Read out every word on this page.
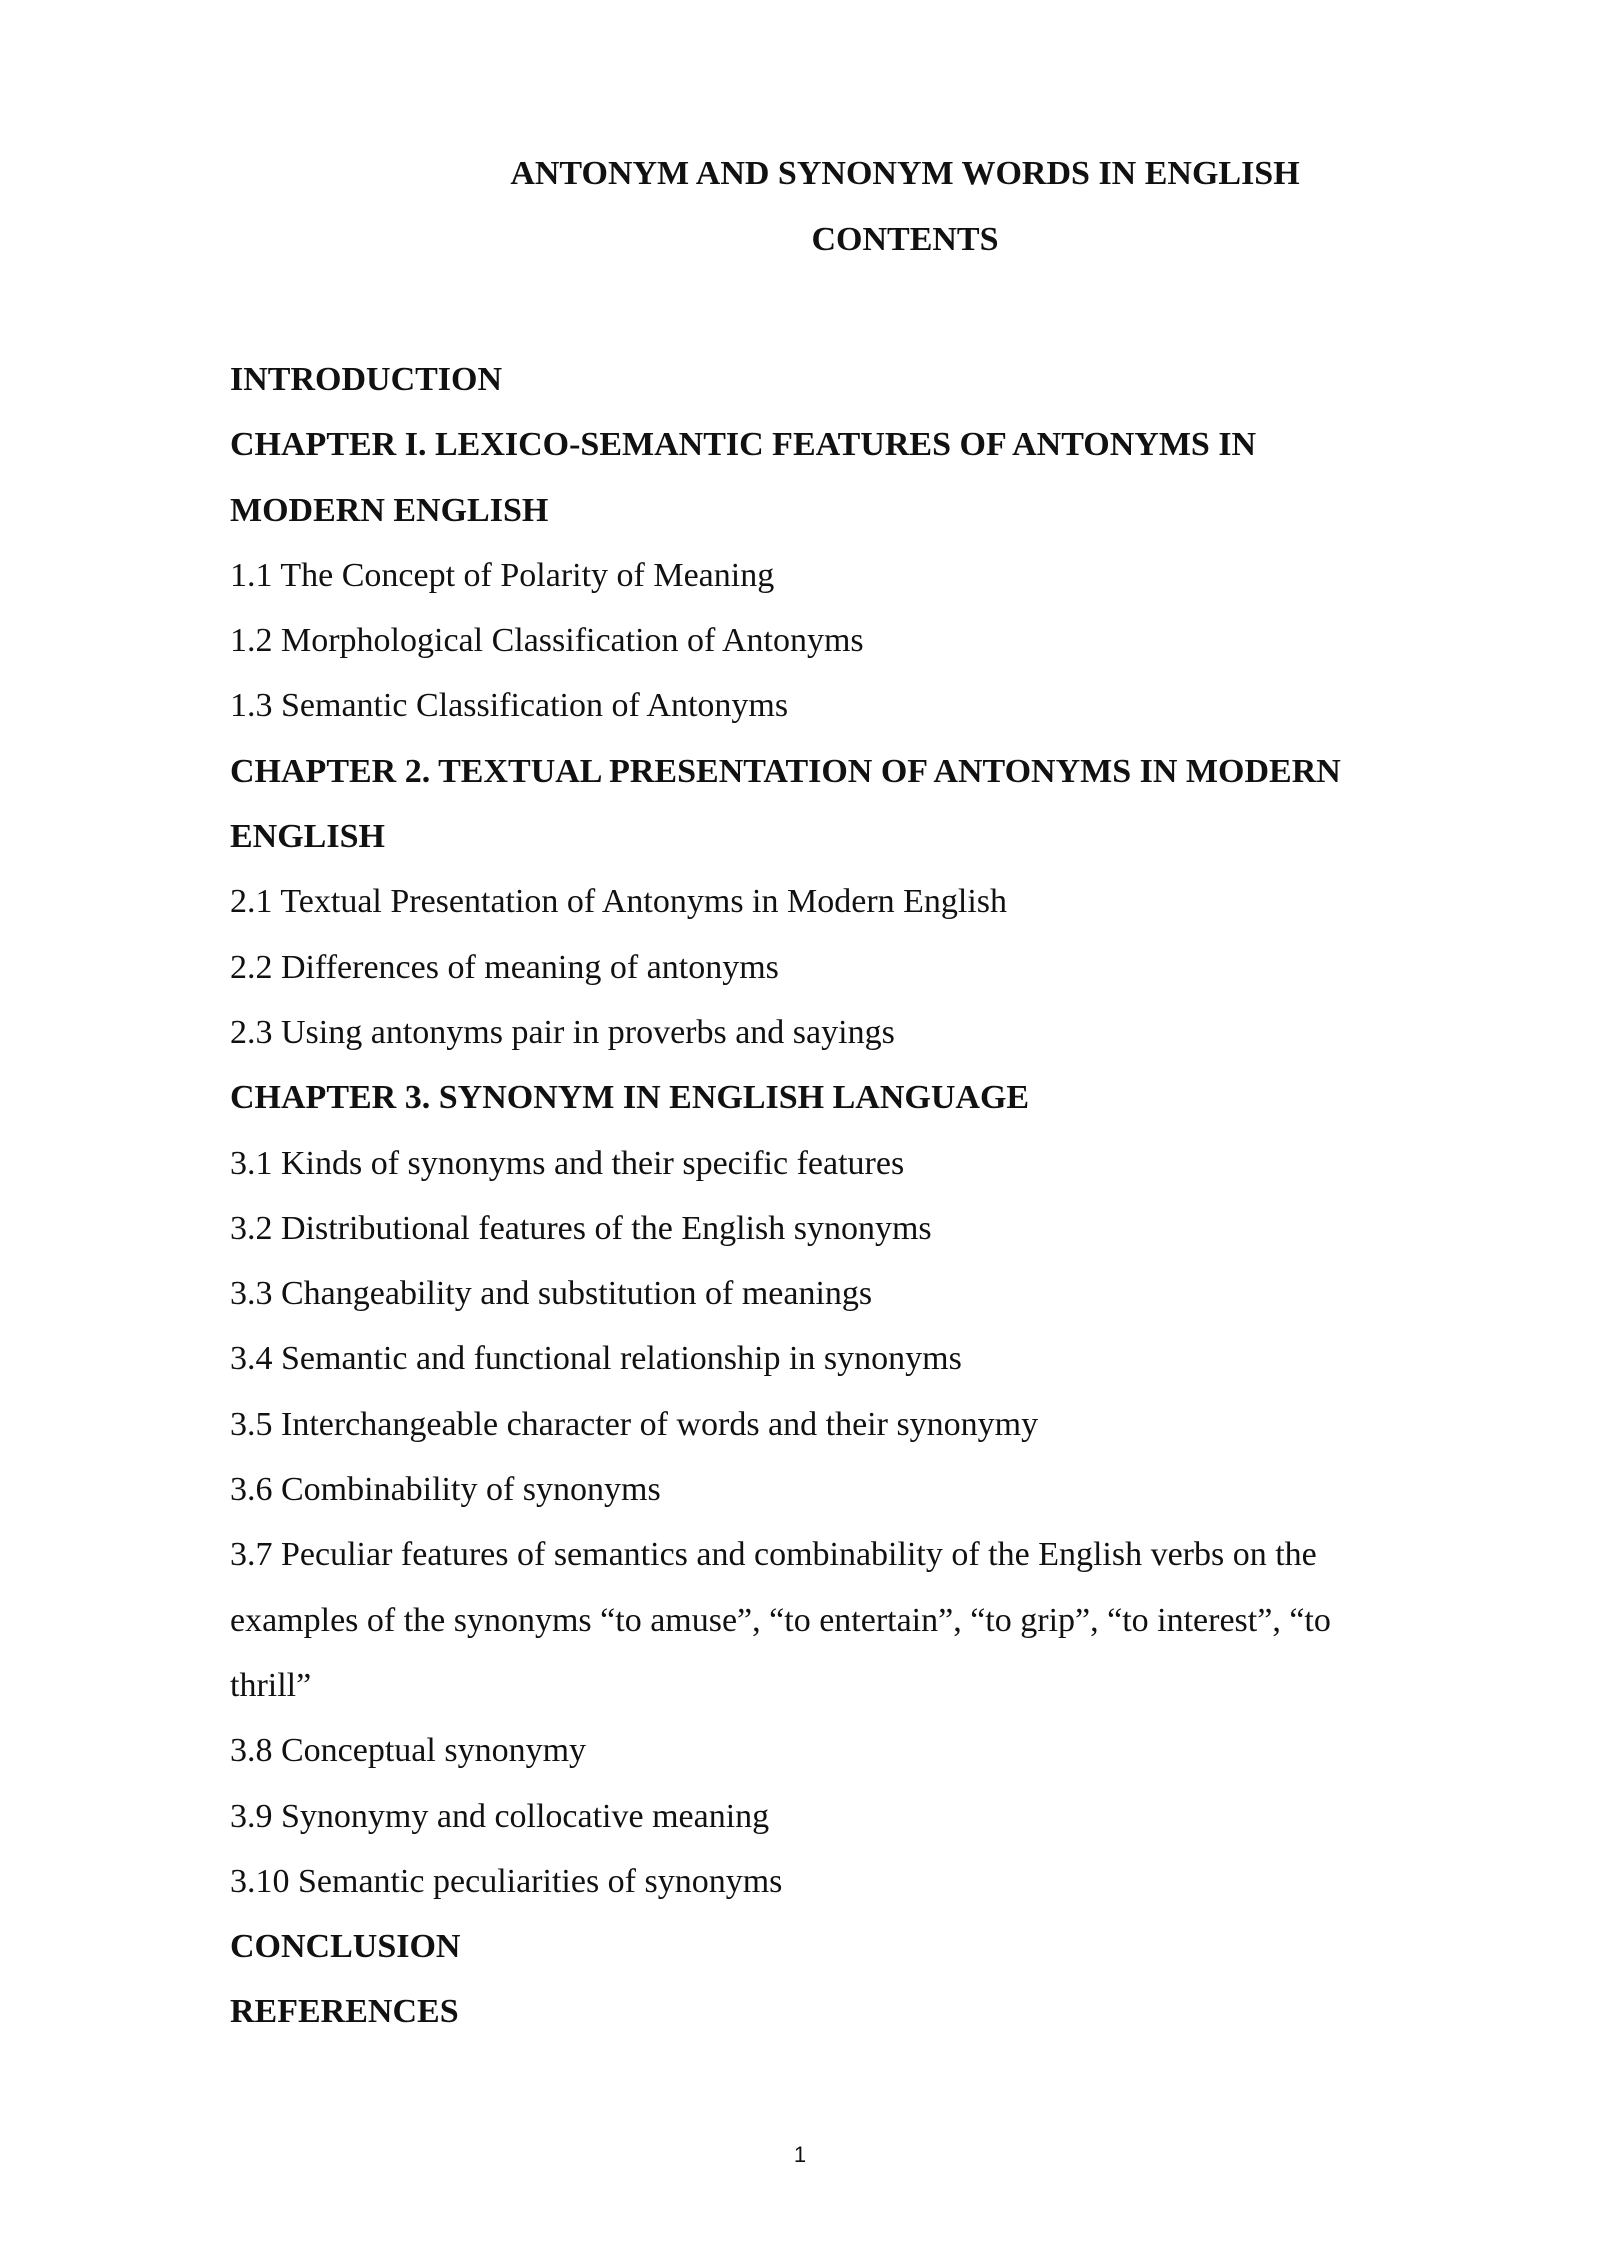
ANTONYM AND SYNONYM WORDS IN ENGLISH
CONTENTS
INTRODUCTION
CHAPTER I. LEXICO-SEMANTIC FEATURES OF ANTONYMS IN
MODERN ENGLISH
1.1 The Concept of Polarity of Meaning
1.2 Morphological Classification of Antonyms
1.3 Semantic Classification of Antonyms
CHAPTER 2. TEXTUAL PRESENTATION OF ANTONYMS IN MODERN
ENGLISH
2.1 Textual Presentation of Antonyms in Modern English
2.2 Differences of meaning of antonyms
2.3 Using antonyms pair in proverbs and sayings
CHAPTER 3. SYNONYM IN ENGLISH LANGUAGE
3.1 Kinds of synonyms and their specific features
3.2 Distributional features of the English synonyms
3.3 Changeability and substitution of meanings
3.4 Semantic and functional relationship in synonyms
3.5 Interchangeable character of words and their synonymy
3.6 Combinability of synonyms
3.7 Peculiar features of semantics and combinability of the English verbs on the
examples of the synonyms “to amuse”, “to entertain”, “to grip”, “to interest”, “to
thrill”
3.8 Conceptual synonymy
3.9 Synonymy and collocative meaning
3.10 Semantic peculiarities of synonyms
CONCLUSION
REFERENCES
1
